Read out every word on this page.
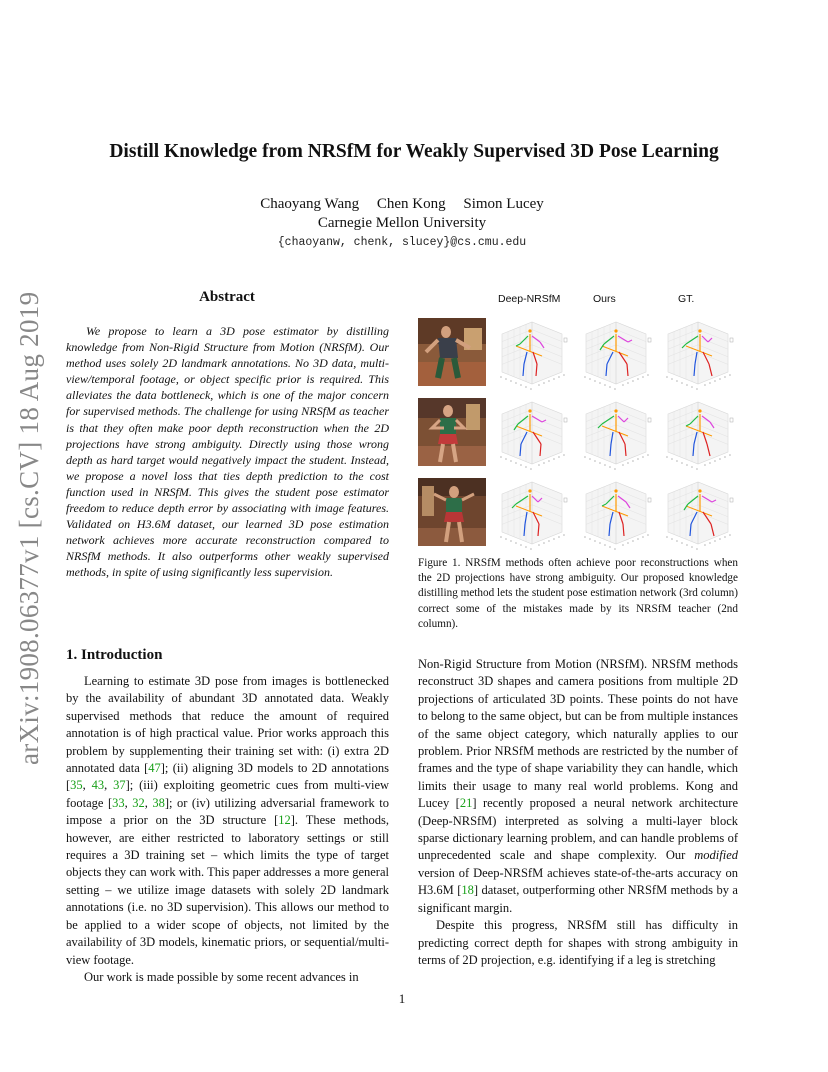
arXiv:1908.06377v1 [cs.CV] 18 Aug 2019
Distill Knowledge from NRSfM for Weakly Supervised 3D Pose Learning
Chaoyang Wang Chen Kong Simon Lucey
Carnegie Mellon University
{chaoyanw, chenk, slucey}@cs.cmu.edu
Abstract

We propose to learn a 3D pose estimator by distilling knowledge from Non-Rigid Structure from Motion (NRSfM). Our method uses solely 2D landmark annotations. No 3D data, multi-view/temporal footage, or object specific prior is required. This alleviates the data bottleneck, which is one of the major concern for supervised methods. The challenge for using NRSfM as teacher is that they often make poor depth reconstruction when the 2D projections have strong ambiguity. Directly using those wrong depth as hard target would negatively impact the student. Instead, we propose a novel loss that ties depth prediction to the cost function used in NRSfM. This gives the student pose estimator freedom to reduce depth error by associating with image features. Validated on H3.6M dataset, our learned 3D pose estimation network achieves more accurate reconstruction compared to NRSfM methods. It also outperforms other weakly supervised methods, in spite of using significantly less supervision.

Deep-NRSfM	Ours	GT.
0 0 0 0 0 0 0
0 0 0 0 0 0	0 0 0 0 0 0 0
0 0 0 0 0 0	0 0 0 0 0 0 0
0 0 0 0 0 0
0 0 0 0 0 0 0
0 0 0 0 0 0	0 0 0 0 0 0 0
0 0 0 0 0 0	0 0 0 0 0 0 0
0 0 0 0 0 0
0 0 0 0 0 0 0
0 0 0 0 0 0	0 0 0 0 0 0 0
0 0 0 0 0 0	0 0 0 0 0 0 0
0 0 0 0 0 0
Figure 1. NRSfM methods often achieve poor reconstructions when the 2D projections have strong ambiguity. Our proposed knowledge distilling method lets the student pose estimation network (3rd column) correct some of the mistakes made by its NRSfM teacher (2nd column).
1. Introduction

Learning to estimate 3D pose from images is bottlenecked by the availability of abundant 3D annotated data. Weakly supervised methods that reduce the amount of required annotation is of high practical value. Prior works approach this problem by supplementing their training set with: (i) extra 2D annotated data [47]; (ii) aligning 3D models to 2D annotations [35, 43, 37]; (iii) exploiting geometric cues from multi-view footage [33, 32, 38]; or (iv) utilizing adversarial framework to impose a prior on the 3D structure [12]. These methods, however, are either restricted to laboratory settings or still requires a 3D training set – which limits the type of target objects they can work with. This paper addresses a more general setting – we utilize image datasets with solely 2D landmark annotations (i.e. no 3D supervision). This allows our method to be applied to a wider scope of objects, not limited by the availability of 3D models, kinematic priors, or sequential/multi-view footage.

Our work is made possible by some recent advances in

Non-Rigid Structure from Motion (NRSfM). NRSfM methods reconstruct 3D shapes and camera positions from multiple 2D projections of articulated 3D points. These points do not have to belong to the same object, but can be from multiple instances of the same object category, which naturally applies to our problem. Prior NRSfM methods are restricted by the number of frames and the type of shape variability they can handle, which limits their usage to many real world problems. Kong and Lucey [21] recently proposed a neural network architecture (Deep-NRSfM) interpreted as solving a multi-layer block sparse dictionary learning problem, and can handle problems of unprecedented scale and shape complexity. Our modified version of Deep-NRSfM achieves state-of-the-arts accuracy on H3.6M [18] dataset, outperforming other NRSfM methods by a significant margin.

Despite this progress, NRSfM still has difficulty in predicting correct depth for shapes with strong ambiguity in terms of 2D projection, e.g. identifying if a leg is stretching

1
